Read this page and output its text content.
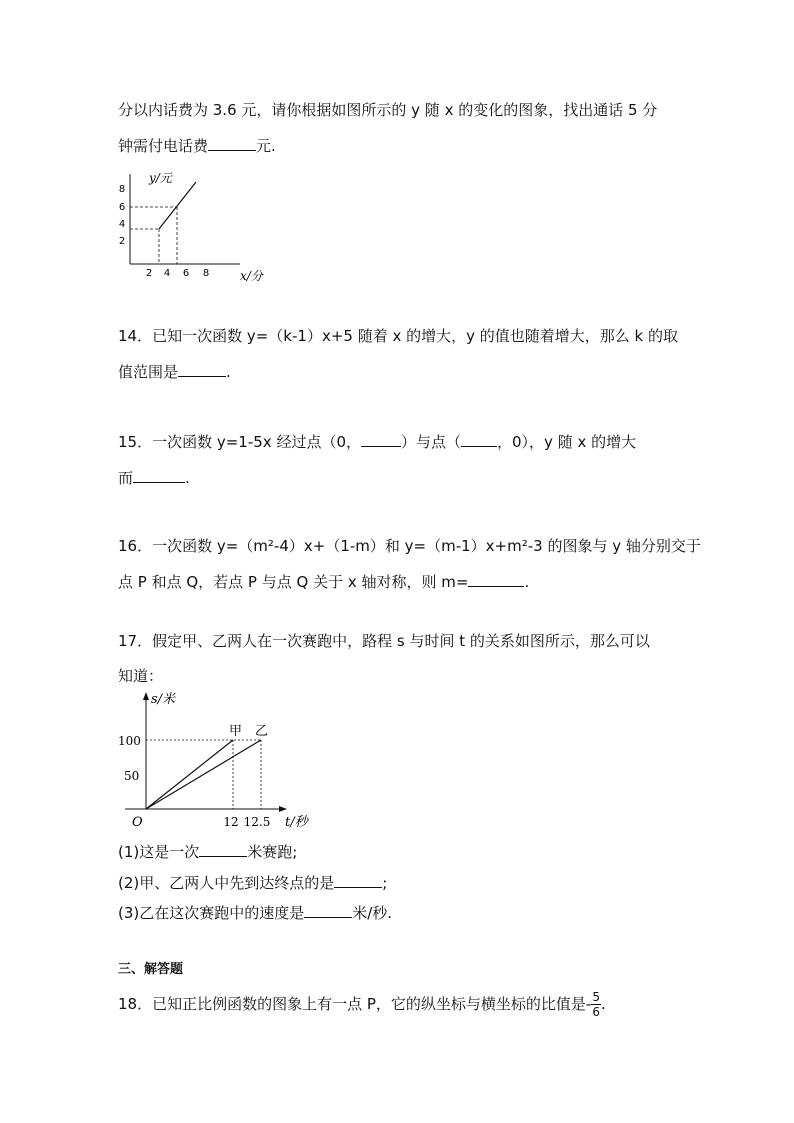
分以内话费为 3.6 元，请你根据如图所示的 y 随 x 的变化的图象，找出通话 5 分
钟需付电话费	元.
8
6
4
2
2 4 6 8
y/元
x/分
14．已知一次函数 y=（k-1）x+5 随着 x 的增大，y 的值也随着增大，那么 k 的取
值范围是	.
15．一次函数 y=1-5x 经过点（0，	）与点（ ，0），y 随 x 的增大
而	.
16．一次函数 y=（m²-4）x+（1-m）和 y=（m-1）x+m²-3 的图象与 y 轴分别交于
点 P 和点 Q，若点 P 与点 Q 关于 x 轴对称，则 m=	.
17．假定甲、乙两人在一次赛跑中，路程 s 与时间 t 的关系如图所示，那么可以
知道：
s/米
t/秒
O
100
50
12 12.5
甲 乙
(1)这是一次	米赛跑;
(2)甲、乙两人中先到达终点的是	;
(3)乙在这次赛跑中的速度是	米/秒.
三、解答题
18．已知正比例函数的图象上有一点 P，它的纵坐标与横坐标的比值是- $\frac{5}{6}$ .
